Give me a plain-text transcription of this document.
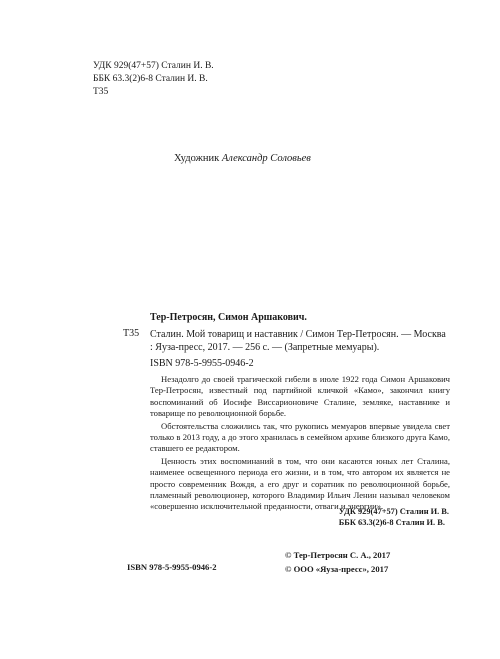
УДК 929(47+57) Сталин И. В.
ББК 63.3(2)6-8 Сталин И. В.
Т35
Художник Александр Соловьев
Тер-Петросян, Симон Аршакович.
Т35 Сталин. Мой товарищ и наставник / Симон Тер-Петросян. — Москва : Яуза-пресс, 2017. — 256 с. — (Запретные мемуары).
ISBN 978-5-9955-0946-2

Незадолго до своей трагической гибели в июле 1922 года Симон Аршакович Тер-Петросян, известный под партийной кличкой «Камо», закончил книгу воспоминаний об Иосифе Виссарионовиче Сталине, земляке, наставнике и товарище по революционной борьбе.

Обстоятельства сложились так, что рукопись мемуаров впервые увидела свет только в 2013 году, а до этого хранилась в семейном архиве близкого друга Камо, ставшего ее редактором.

Ценность этих воспоминаний в том, что они касаются юных лет Сталина, наименее освещенного периода его жизни, и в том, что автором их является не просто современник Вождя, а его друг и соратник по революционной борьбе, пламенный революционер, которого Владимир Ильич Ленин называл человеком «совершенно исключительной преданности, отваги и энергии».

УДК 929(47+57) Сталин И. В.
ББК 63.3(2)6-8 Сталин И. В.
ISBN 978-5-9955-0946-2
© Тер-Петросян С. А., 2017
© ООО «Яуза-пресс», 2017
